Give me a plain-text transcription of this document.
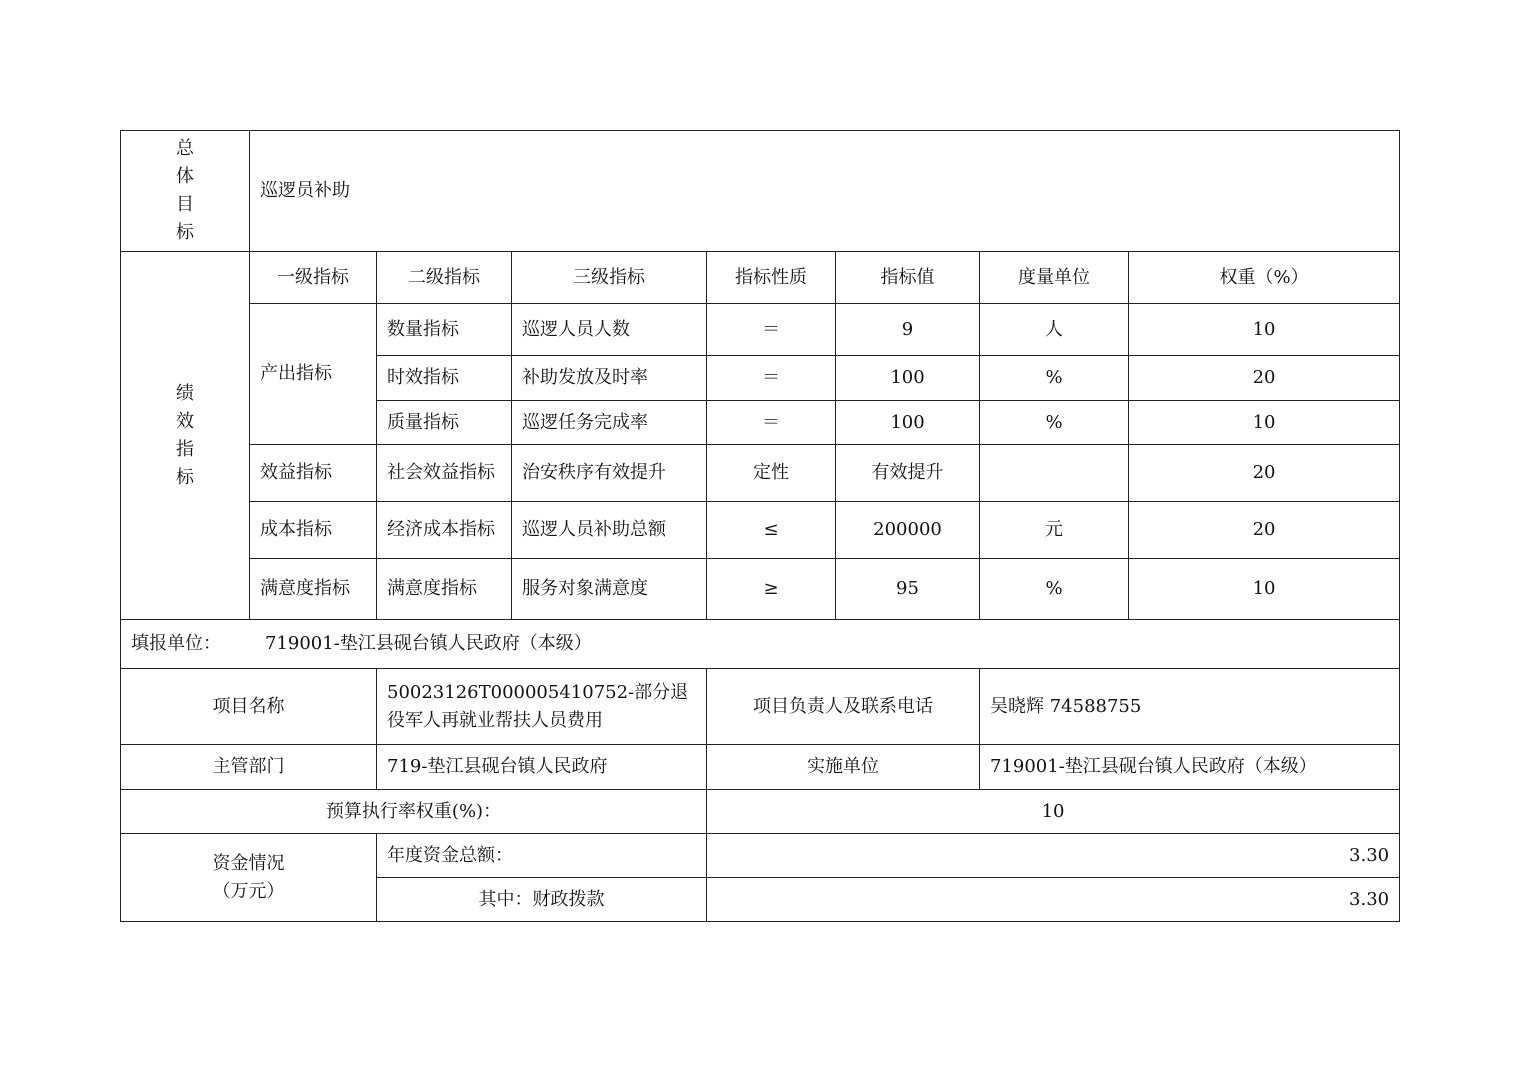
总体目标	巡逻员补助						
绩效指标	一级指标	二级指标	三级指标	指标性质	指标值	度量单位	权重（%）
	产出指标	数量指标	巡逻人员人数	＝	9	人	10
		时效指标	补助发放及时率	＝	100	%	20
		质量指标	巡逻任务完成率	＝	100	%	10
	效益指标	社会效益指标	治安秩序有效提升	定性	有效提升		20
	成本指标	经济成本指标	巡逻人员补助总额	≤	200000	元	20
	满意度指标	满意度指标	服务对象满意度	≥	95	%	10
填报单位： 719001-垫江县砚台镇人民政府（本级）							
项目名称		50023126T000005410752-部分退役军人再就业帮扶人员费用		项目负责人及联系电话		吴晓辉 74588755	
主管部门		719-垫江县砚台镇人民政府		实施单位		719001-垫江县砚台镇人民政府（本级）	
预算执行率权重(%)：				10			

资金情况
（万元）		年度资金总额：		3.30			
		其中：财政拨款		3.30			
